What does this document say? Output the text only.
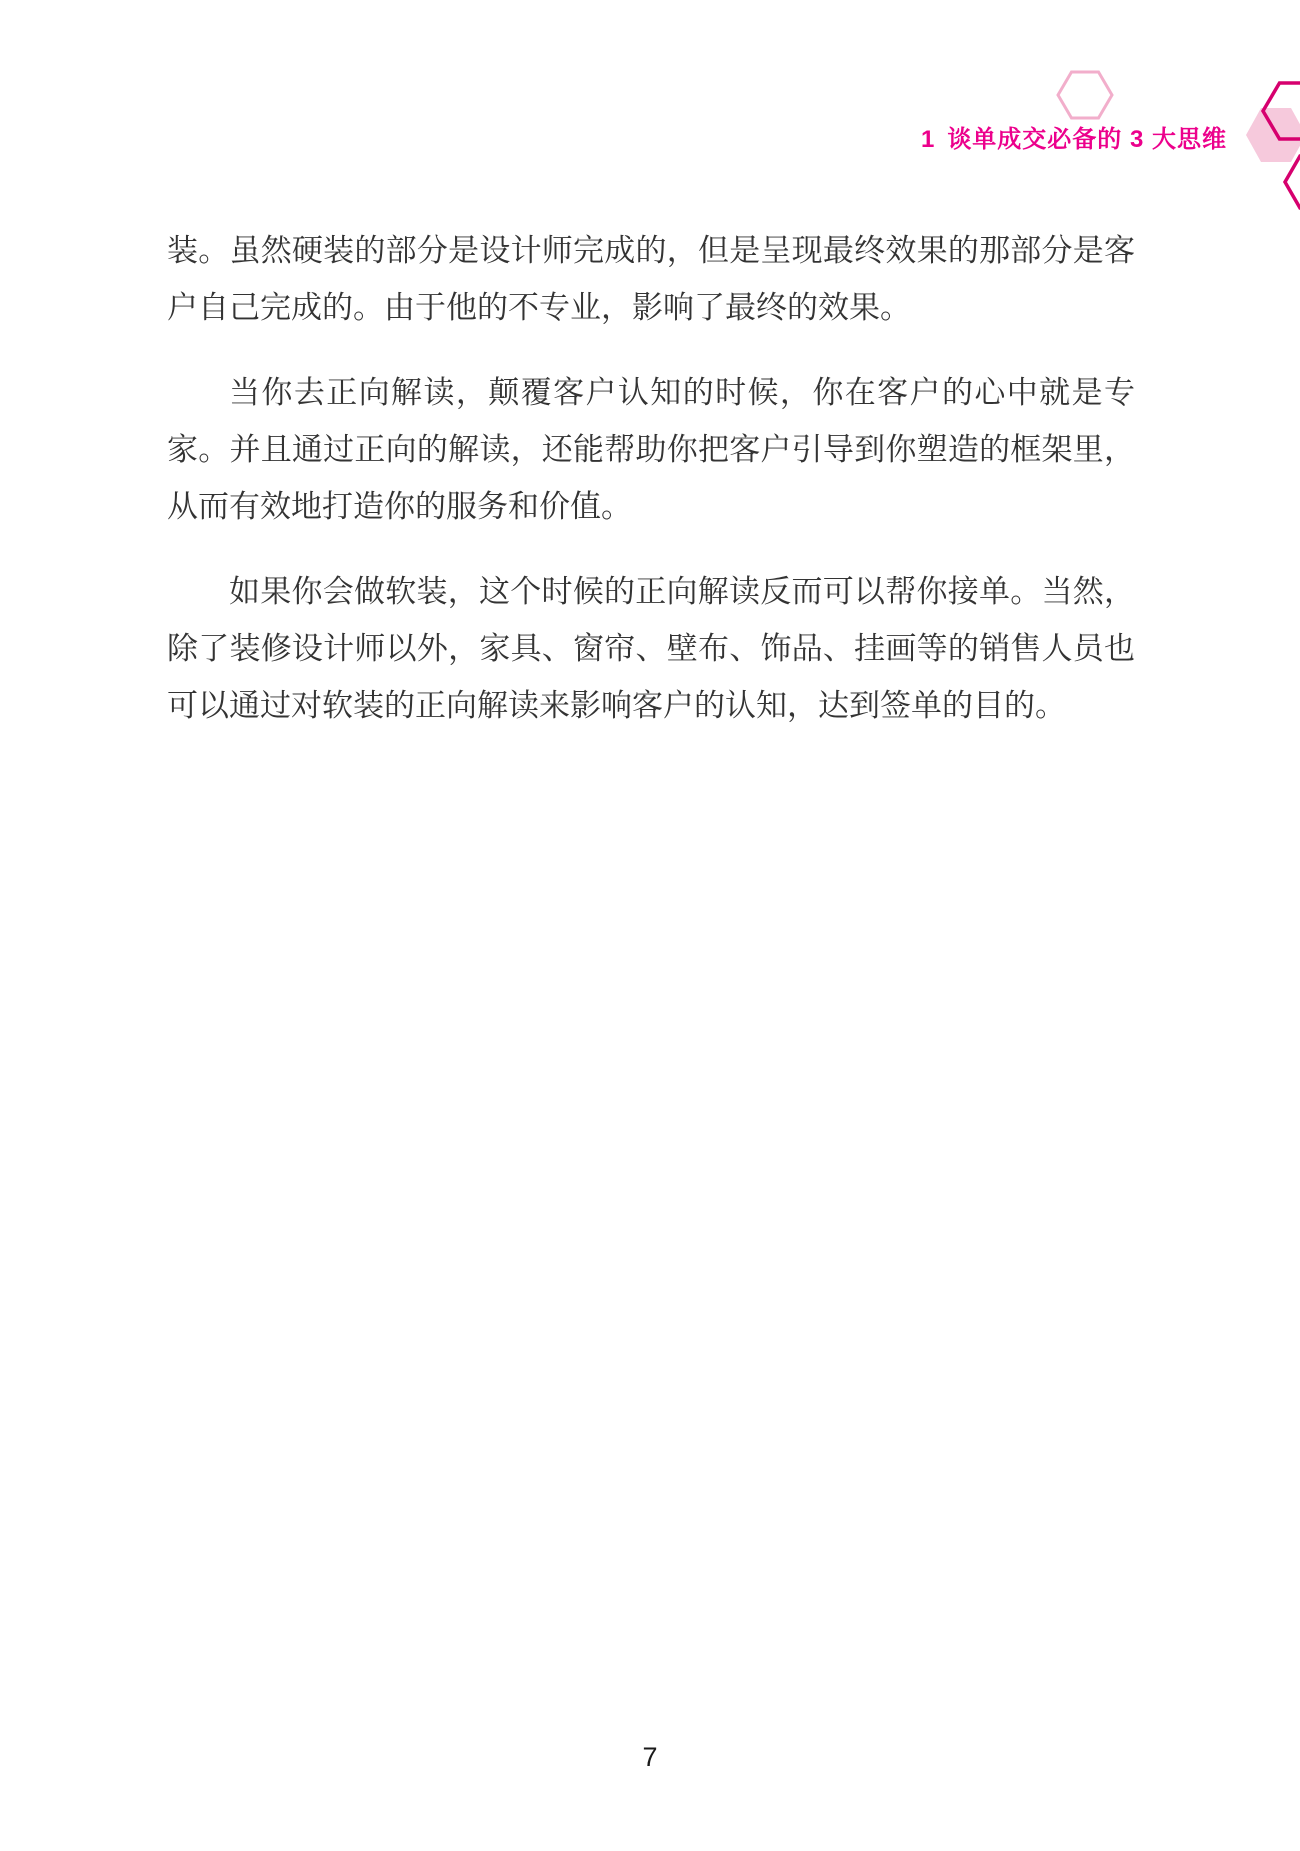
1 谈单成交必备的 3 大思维

装。虽然硬装的部分是设计师完成的，但是呈现最终效果的那部分是客户自己完成的。由于他的不专业，影响了最终的效果。

当你去正向解读，颠覆客户认知的时候，你在客户的心中就是专家。并且通过正向的解读，还能帮助你把客户引导到你塑造的框架里，从而有效地打造你的服务和价值。

如果你会做软装，这个时候的正向解读反而可以帮你接单。当然，除了装修设计师以外，家具、窗帘、壁布、饰品、挂画等的销售人员也可以通过对软装的正向解读来影响客户的认知，达到签单的目的。

7
